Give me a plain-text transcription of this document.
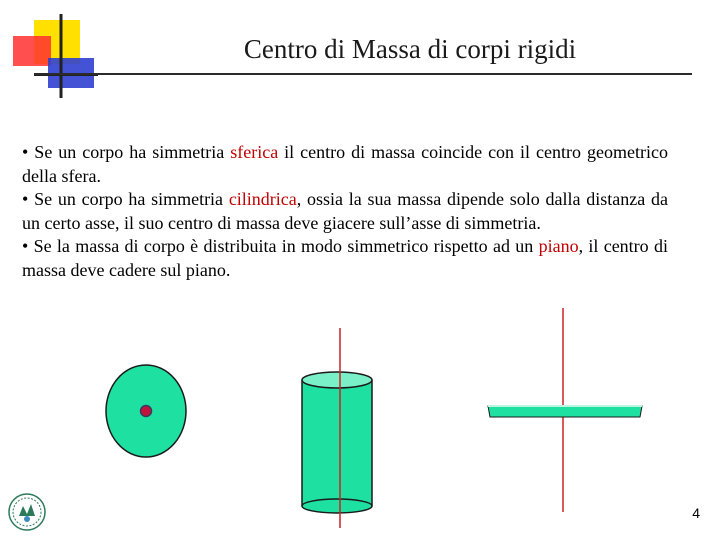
Centro di Massa di corpi rigidi

• Se un corpo ha simmetria sferica il centro di massa coincide con il centro geometrico della sfera.

• Se un corpo ha simmetria cilindrica, ossia la sua massa dipende solo dalla distanza da un certo asse, il suo centro di massa deve giacere sull’asse di simmetria.

• Se la massa di corpo è distribuita in modo simmetrico rispetto ad un piano, il centro di massa deve cadere sul piano.

4
